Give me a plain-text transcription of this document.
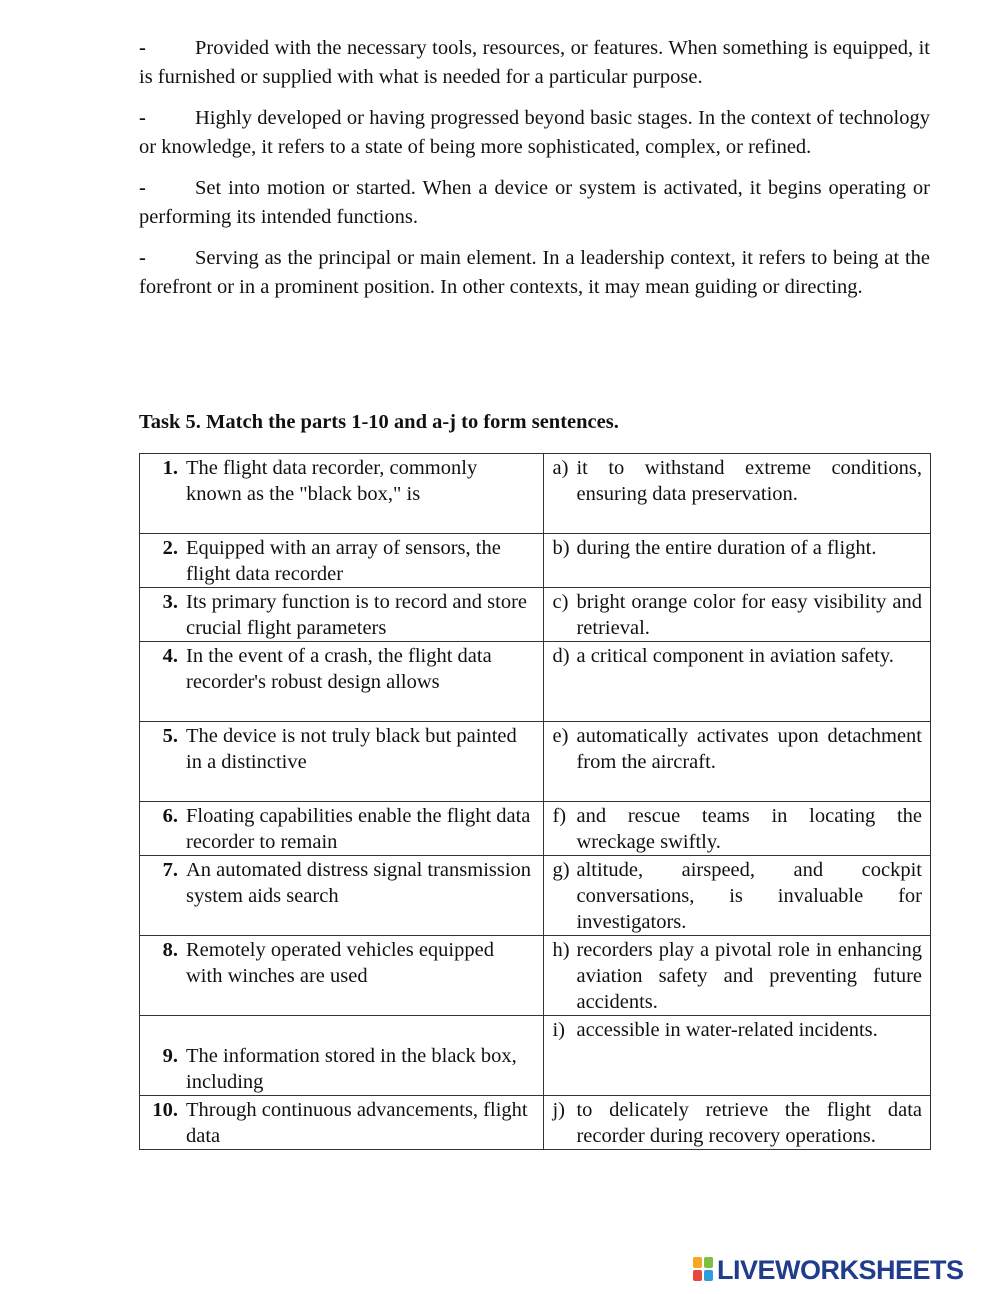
- Provided with the necessary tools, resources, or features. When something is equipped, it is furnished or supplied with what is needed for a particular purpose.

- Highly developed or having progressed beyond basic stages. In the context of technology or knowledge, it refers to a state of being more sophisticated, complex, or refined.

- Set into motion or started. When a device or system is activated, it begins operating or performing its intended functions.

- Serving as the principal or main element. In a leadership context, it refers to being at the forefront or in a prominent position. In other contexts, it may mean guiding or directing.

Task 5. Match the parts 1-10 and a-j to form sentences.
1. The flight data recorder, commonly known as the "black box," is	a) it to withstand extreme conditions, ensuring data preservation.

2. Equipped with an array of sensors, the flight data recorder	b) during the entire duration of a flight.

3. Its primary function is to record and store crucial flight parameters	c) bright orange color for easy visibility and retrieval.

4. In the event of a crash, the flight data recorder's robust design allows	d) a critical component in aviation safety.

5. The device is not truly black but painted in a distinctive	e) automatically activates upon detachment from the aircraft.

6. Floating capabilities enable the flight data recorder to remain	f) and rescue teams in locating the wreckage swiftly.

7. An automated distress signal transmission system aids search	g) altitude, airspeed, and cockpit conversations, is invaluable for investigators.

8. Remotely operated vehicles equipped with winches are used	h) recorders play a pivotal role in enhancing aviation safety and preventing future accidents.

9. The information stored in the black box, including	i) accessible in water-related incidents.

10. Through continuous advancements, flight data	j) to delicately retrieve the flight data recorder during recovery operations.
LIVEWORKSHEETS
